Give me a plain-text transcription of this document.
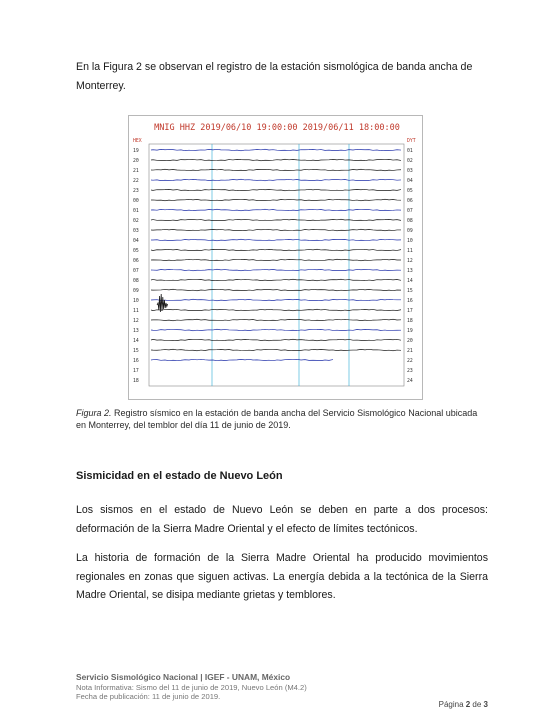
En la Figura 2 se observan el registro de la estación sismológica de banda ancha de Monterrey.

MNIG HHZ 2019/06/10 19:00:00 2019/06/11 18:00:00
HEX	DYT
19	01
20	02
21	03
22	04
23	05
00	06
01	07
02	08
03	09
04	10
05	11
06	12
07	13
08	14
09	15
10	16
11	17
12	18
13	19
14	20
15	21
16	22
17	23
18	24

Figura 2. Registro sísmico en la estación de banda ancha del Servicio Sismológico Nacional ubicada en Monterrey, del temblor del día 11 de junio de 2019.

Sismicidad en el estado de Nuevo León

Los sismos en el estado de Nuevo León se deben en parte a dos procesos: deformación de la Sierra Madre Oriental y el efecto de límites tectónicos.

La historia de formación de la Sierra Madre Oriental ha producido movimientos regionales en zonas que siguen activas. La energía debida a la tectónica de la Sierra Madre Oriental, se disipa mediante grietas y temblores.

Servicio Sismológico Nacional | IGEF - UNAM, México

Nota Informativa: Sismo del 11 de junio de 2019, Nuevo León (M4.2)

Fecha de publicación: 11 de junio de 2019.

Página 2 de 3
